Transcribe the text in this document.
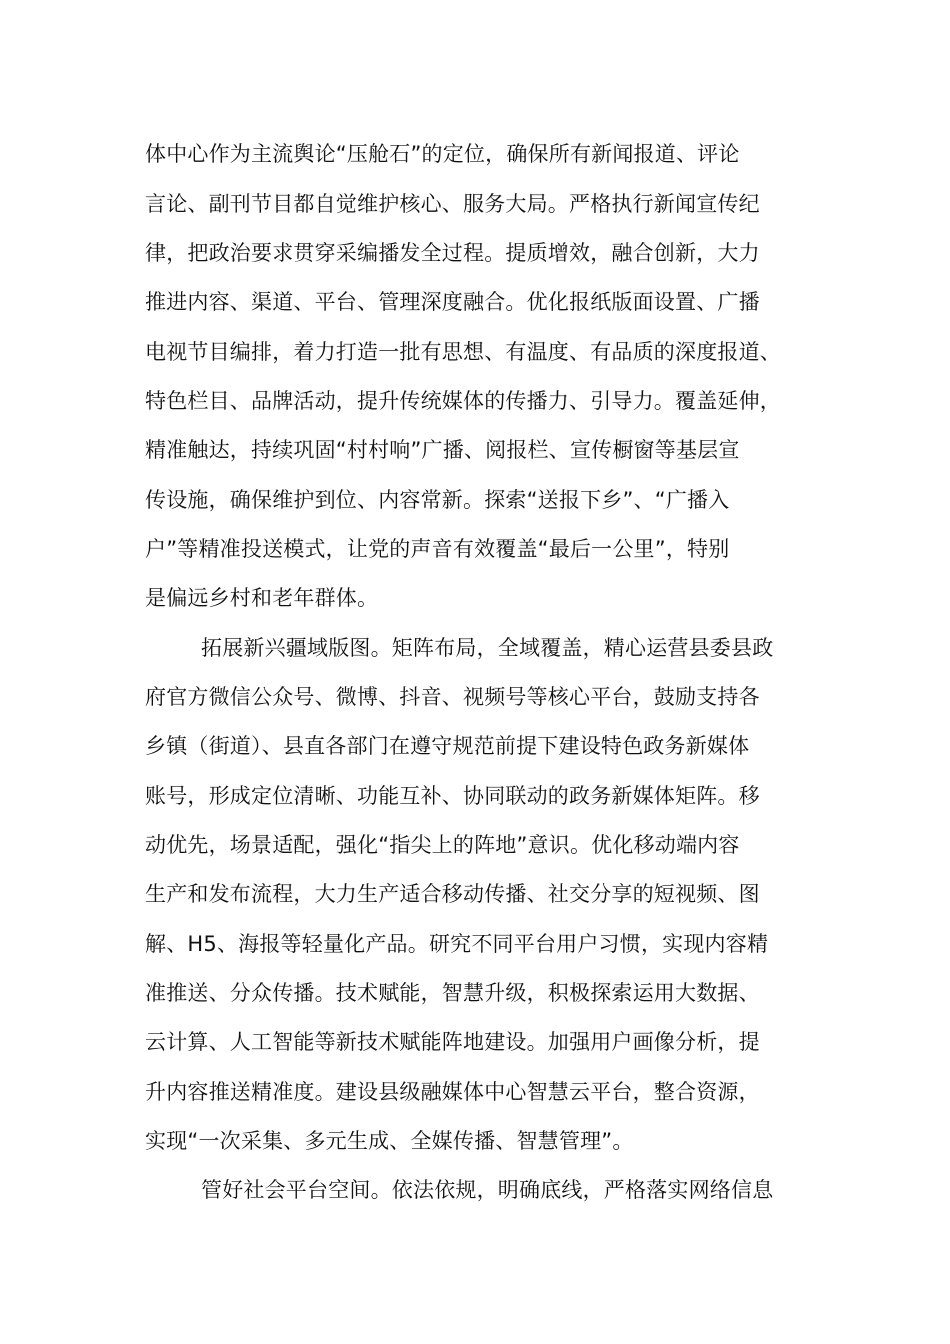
体中心作为主流舆论“压舱石”的定位，确保所有新闻报道、评论
言论、副刊节目都自觉维护核心、服务大局。严格执行新闻宣传纪
律，把政治要求贯穿采编播发全过程。提质增效，融合创新，大力
推进内容、渠道、平台、管理深度融合。优化报纸版面设置、广播
电视节目编排，着力打造一批有思想、有温度、有品质的深度报道、
特色栏目、品牌活动，提升传统媒体的传播力、引导力。覆盖延伸，
精准触达，持续巩固“村村响”广播、阅报栏、宣传橱窗等基层宣
传设施，确保维护到位、内容常新。探索“送报下乡”、“广播入
户”等精准投送模式，让党的声音有效覆盖“最后一公里”，特别
是偏远乡村和老年群体。
拓展新兴疆域版图。矩阵布局，全域覆盖，精心运营县委县政
府官方微信公众号、微博、抖音、视频号等核心平台，鼓励支持各
乡镇（街道）、县直各部门在遵守规范前提下建设特色政务新媒体
账号，形成定位清晰、功能互补、协同联动的政务新媒体矩阵。移
动优先，场景适配，强化“指尖上的阵地”意识。优化移动端内容
生产和发布流程，大力生产适合移动传播、社交分享的短视频、图
解、H5、海报等轻量化产品。研究不同平台用户习惯，实现内容精
准推送、分众传播。技术赋能，智慧升级，积极探索运用大数据、
云计算、人工智能等新技术赋能阵地建设。加强用户画像分析，提
升内容推送精准度。建设县级融媒体中心智慧云平台，整合资源，
实现“一次采集、多元生成、全媒传播、智慧管理”。
管好社会平台空间。依法依规，明确底线，严格落实网络信息
